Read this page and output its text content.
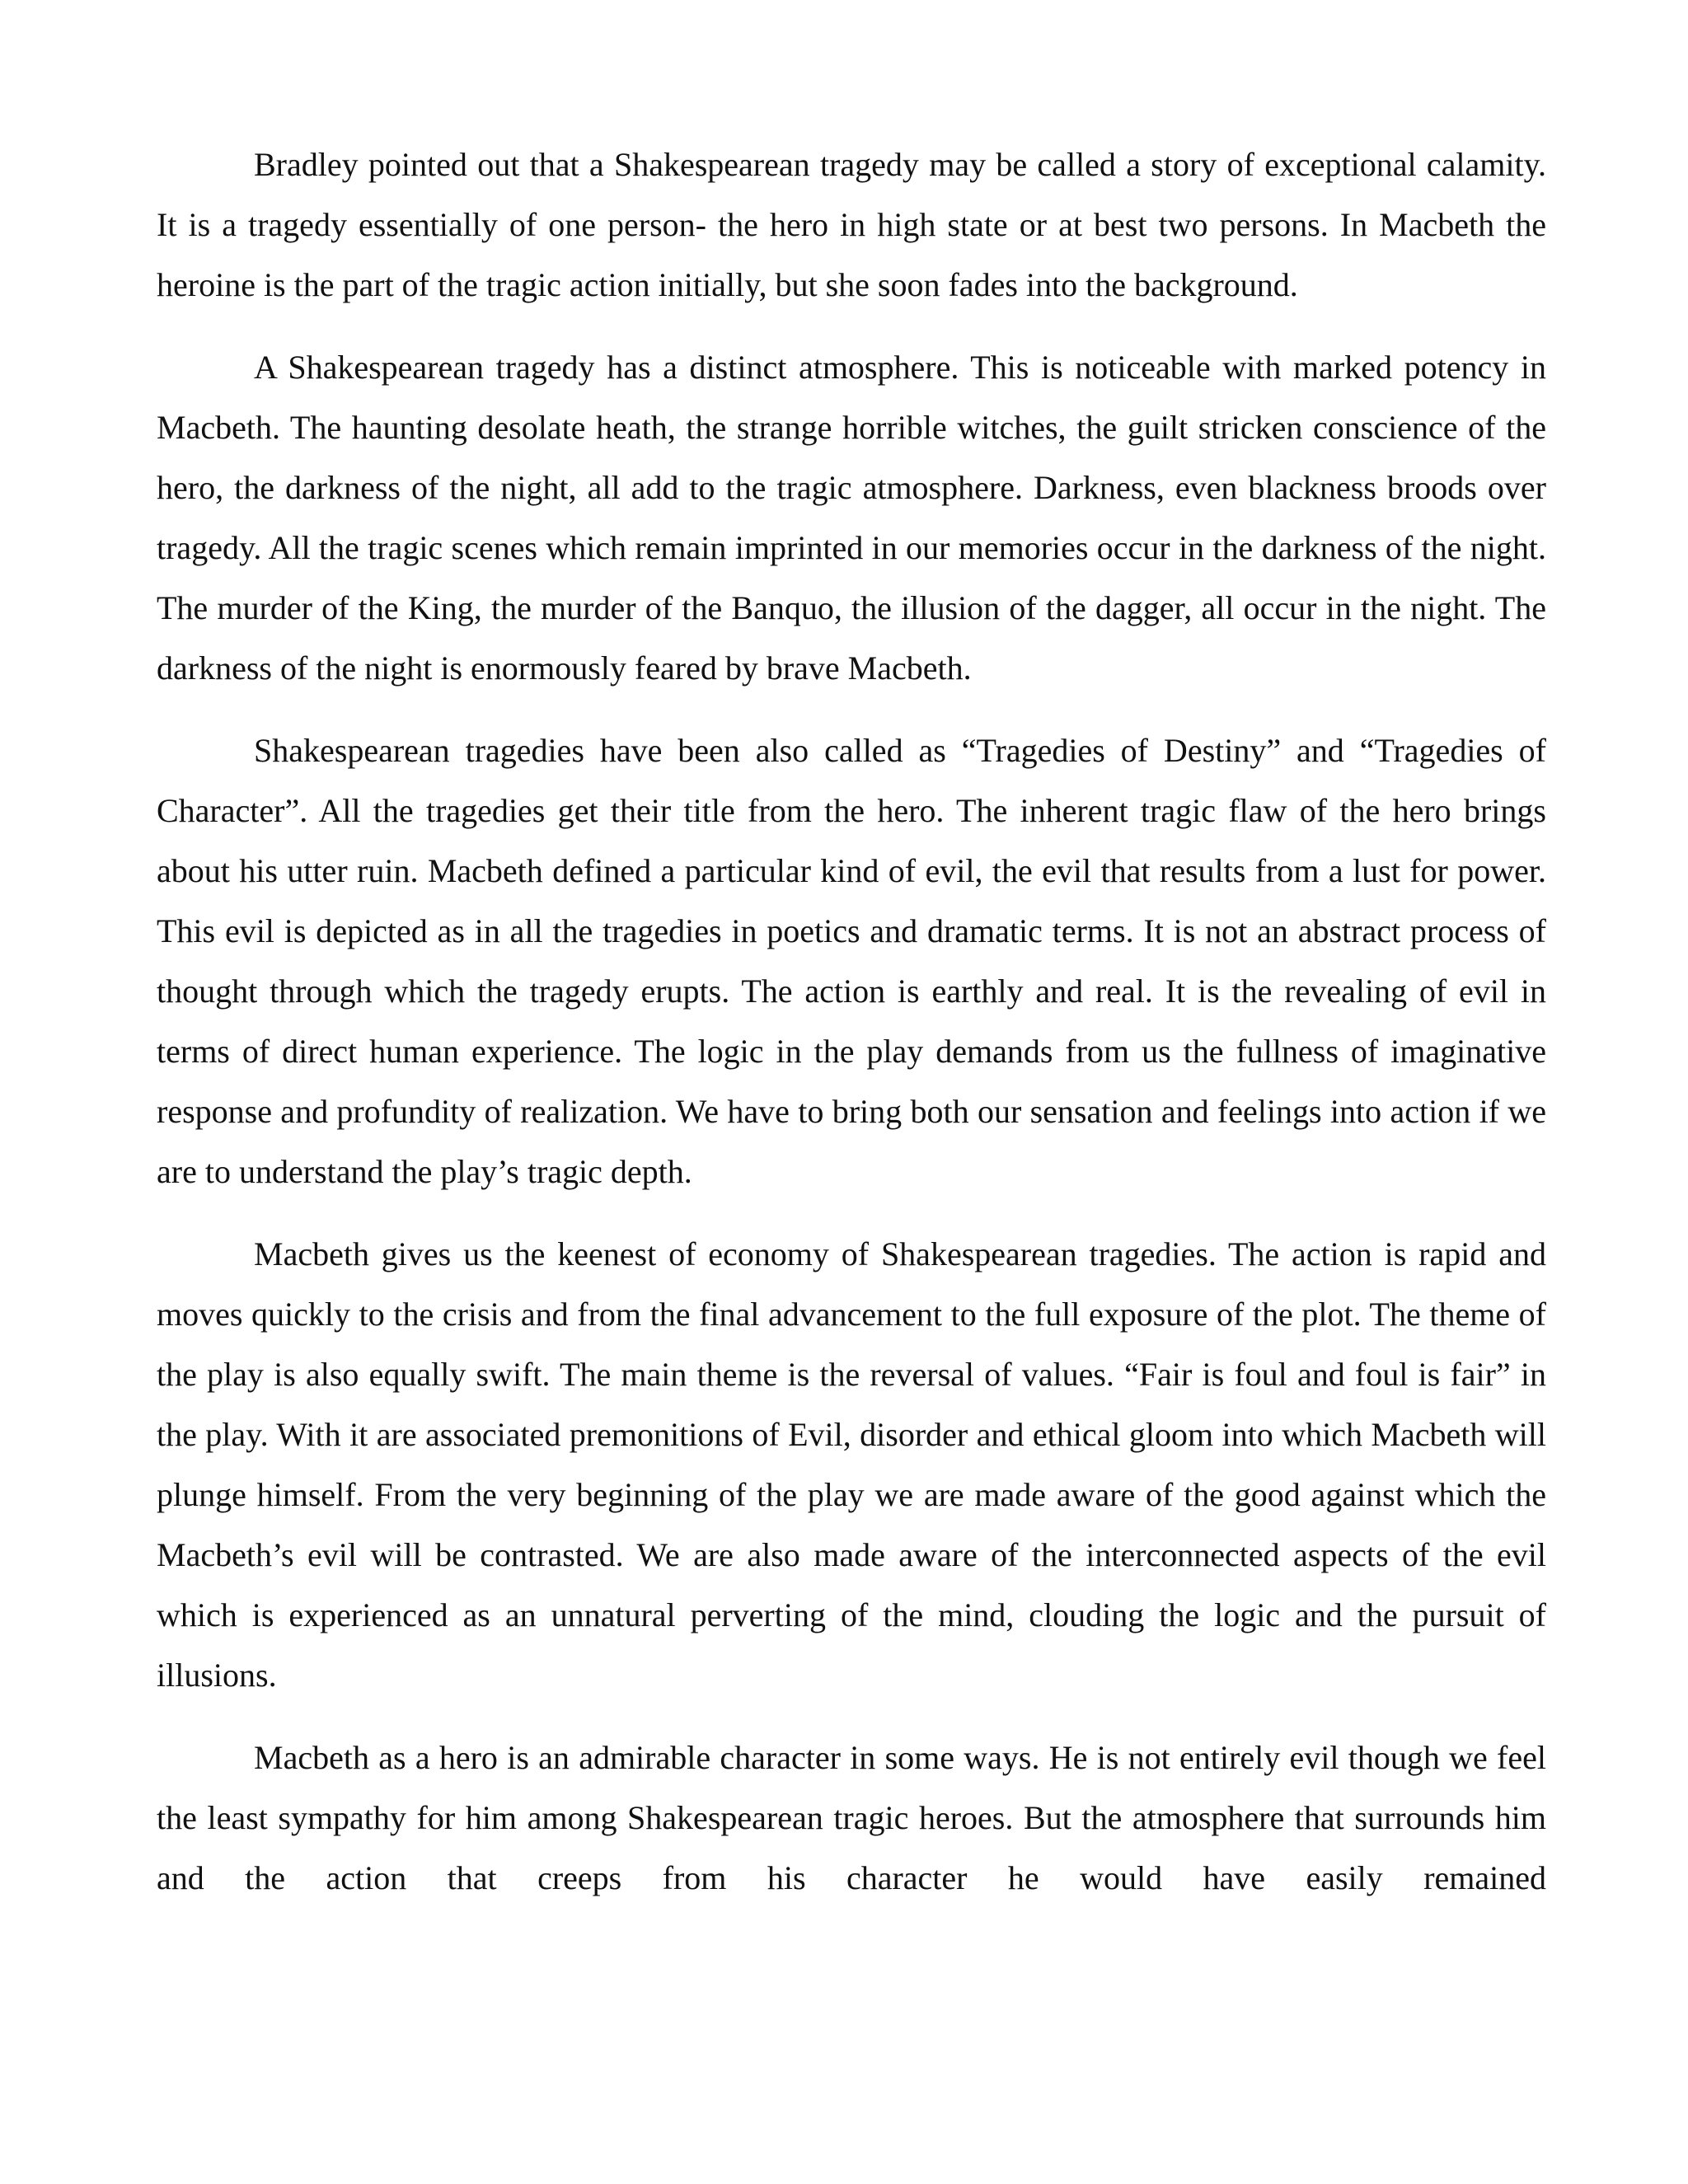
Bradley pointed out that a Shakespearean tragedy may be called a story of exceptional calamity. It is a tragedy essentially of one person- the hero in high state or at best two persons. In Macbeth the heroine is the part of the tragic action initially, but she soon fades into the background.

A Shakespearean tragedy has a distinct atmosphere. This is noticeable with marked potency in Macbeth. The haunting desolate heath, the strange horrible witches, the guilt stricken conscience of the hero, the darkness of the night, all add to the tragic atmosphere. Darkness, even blackness broods over tragedy. All the tragic scenes which remain imprinted in our memories occur in the darkness of the night. The murder of the King, the murder of the Banquo, the illusion of the dagger, all occur in the night. The darkness of the night is enormously feared by brave Macbeth.

Shakespearean tragedies have been also called as “Tragedies of Destiny” and “Tragedies of Character”. All the tragedies get their title from the hero. The inherent tragic flaw of the hero brings about his utter ruin. Macbeth defined a particular kind of evil, the evil that results from a lust for power. This evil is depicted as in all the tragedies in poetics and dramatic terms. It is not an abstract process of thought through which the tragedy erupts. The action is earthly and real. It is the revealing of evil in terms of direct human experience. The logic in the play demands from us the fullness of imaginative response and profundity of realization. We have to bring both our sensation and feelings into action if we are to understand the play’s tragic depth.

Macbeth gives us the keenest of economy of Shakespearean tragedies. The action is rapid and moves quickly to the crisis and from the final advancement to the full exposure of the plot. The theme of the play is also equally swift. The main theme is the reversal of values. “Fair is foul and foul is fair” in the play. With it are associated premonitions of Evil, disorder and ethical gloom into which Macbeth will plunge himself. From the very beginning of the play we are made aware of the good against which the Macbeth’s evil will be contrasted. We are also made aware of the interconnected aspects of the evil which is experienced as an unnatural perverting of the mind, clouding the logic and the pursuit of illusions.

Macbeth as a hero is an admirable character in some ways. He is not entirely evil though we feel the least sympathy for him among Shakespearean tragic heroes. But the atmosphere that surrounds him and the action that creeps from his character he would have easily remained
